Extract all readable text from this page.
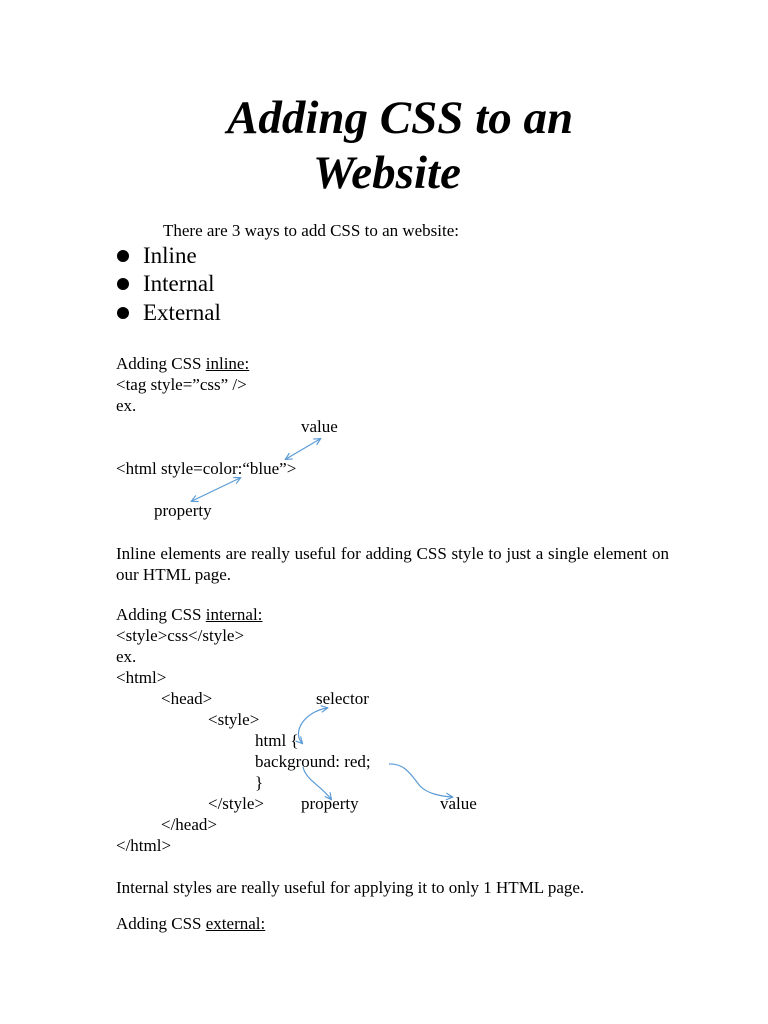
Adding CSS to an
Website
There are 3 ways to add CSS to an website:
Inline
Internal
External
Adding CSS inline:
<tag style=”css” />
ex.
value
<html style=color:“blue”>
property
Inline elements are really useful for adding CSS style to just a single element on our HTML page.
Adding CSS internal:
<style>css</style>
ex.
<html>
<head>
<style>
html {
background: red;
}
</style>
</head>
</html>
selector
property	value
Internal styles are really useful for applying it to only 1 HTML page.
Adding CSS external:
